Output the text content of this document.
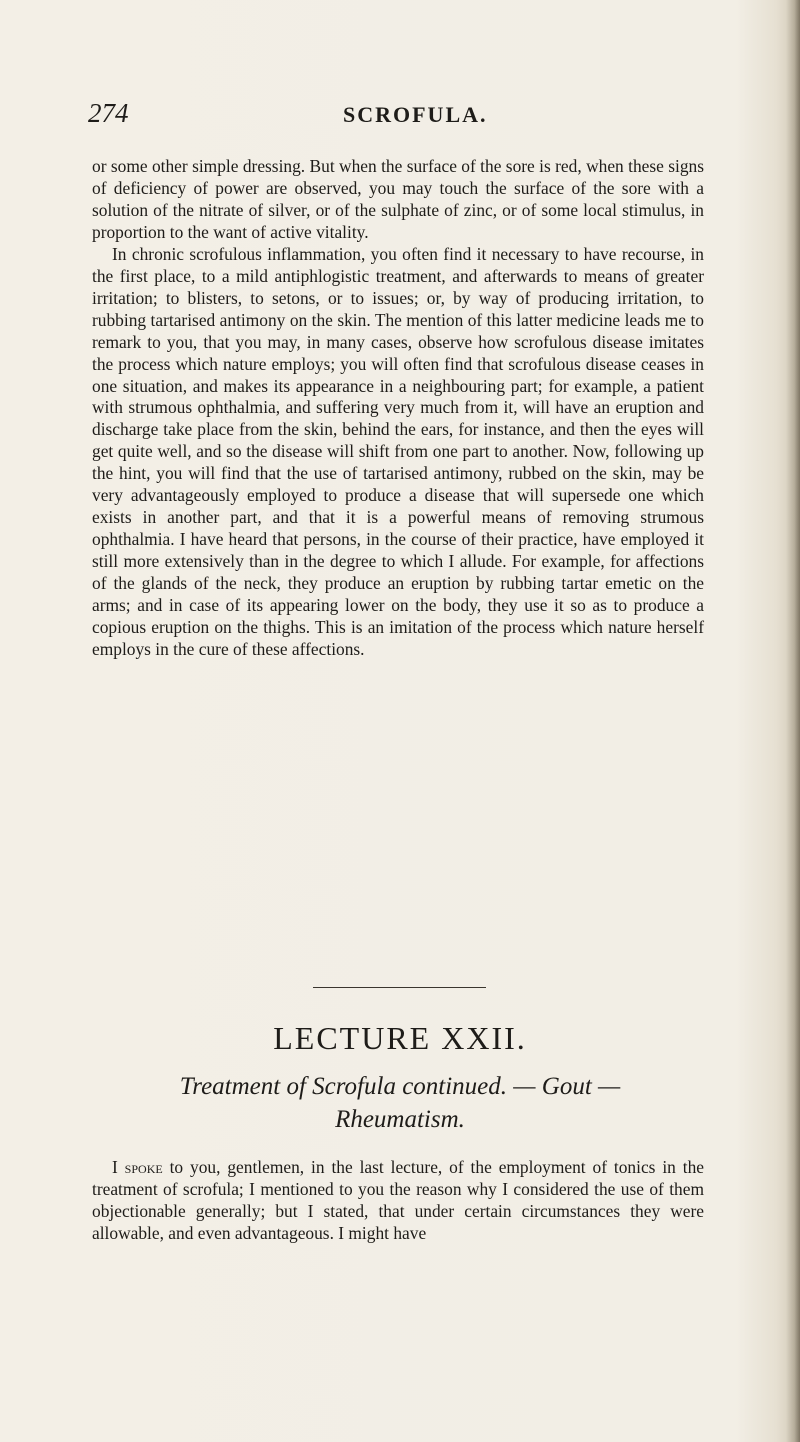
274	SCROFULA.

or some other simple dressing. But when the surface of the sore is red, when these signs of deficiency of power are observed, you may touch the surface of the sore with a solution of the nitrate of silver, or of the sulphate of zinc, or of some local stimulus, in proportion to the want of active vitality.

In chronic scrofulous inflammation, you often find it necessary to have recourse, in the first place, to a mild antiphlogistic treatment, and afterwards to means of greater irritation; to blisters, to setons, or to issues; or, by way of producing irritation, to rubbing tartarised antimony on the skin. The mention of this latter medicine leads me to remark to you, that you may, in many cases, observe how scrofulous disease imitates the process which nature employs; you will often find that scrofulous disease ceases in one situation, and makes its appearance in a neighbouring part; for example, a patient with strumous ophthalmia, and suffering very much from it, will have an eruption and discharge take place from the skin, behind the ears, for instance, and then the eyes will get quite well, and so the disease will shift from one part to another. Now, following up the hint, you will find that the use of tartarised antimony, rubbed on the skin, may be very advantageously employed to produce a disease that will supersede one which exists in another part, and that it is a powerful means of removing strumous ophthalmia. I have heard that persons, in the course of their practice, have employed it still more extensively than in the degree to which I allude. For example, for affections of the glands of the neck, they produce an eruption by rubbing tartar emetic on the arms; and in case of its appearing lower on the body, they use it so as to produce a copious eruption on the thighs. This is an imitation of the process which nature herself employs in the cure of these affections.

LECTURE XXII.
Treatment of Scrofula continued. — Gout —
Rheumatism.

I spoke to you, gentlemen, in the last lecture, of the employment of tonics in the treatment of scrofula; I mentioned to you the reason why I considered the use of them objectionable generally; but I stated, that under certain circumstances they were allowable, and even advantageous. I might have
